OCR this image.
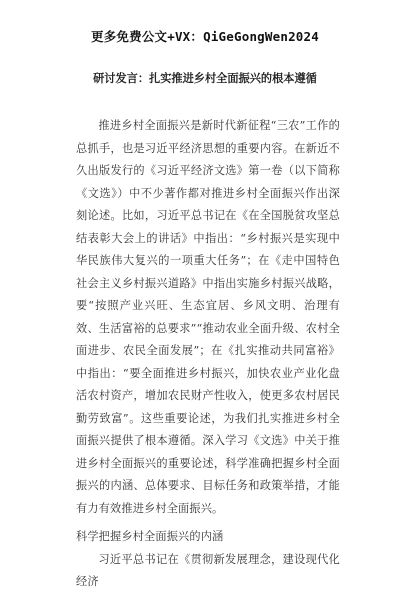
更多免费公文+VX：QiGeGongWen2024
研讨发言：扎实推进乡村全面振兴的根本遵循

推进乡村全面振兴是新时代新征程“三农”工作的总抓手，也是习近平经济思想的重要内容。在新近不久出版发行的《习近平经济文选》第一卷（以下简称《文选》）中不少著作都对推进乡村全面振兴作出深刻论述。比如，习近平总书记在《在全国脱贫攻坚总结表彰大会上的讲话》中指出：“乡村振兴是实现中华民族伟大复兴的一项重大任务”；在《走中国特色社会主义乡村振兴道路》中指出实施乡村振兴战略，要“按照产业兴旺、生态宜居、乡风文明、治理有效、生活富裕的总要求”“推动农业全面升级、农村全面进步、农民全面发展”；在《扎实推动共同富裕》中指出：“要全面推进乡村振兴，加快农业产业化盘活农村资产，增加农民财产性收入，使更多农村居民勤劳致富”。这些重要论述，为我们扎实推进乡村全面振兴提供了根本遵循。深入学习《文选》中关于推进乡村全面振兴的重要论述，科学准确把握乡村全面振兴的内涵、总体要求、目标任务和政策举措，才能有力有效推进乡村全面振兴。

科学把握乡村全面振兴的内涵

习近平总书记在《贯彻新发展理念，建设现代化经济
